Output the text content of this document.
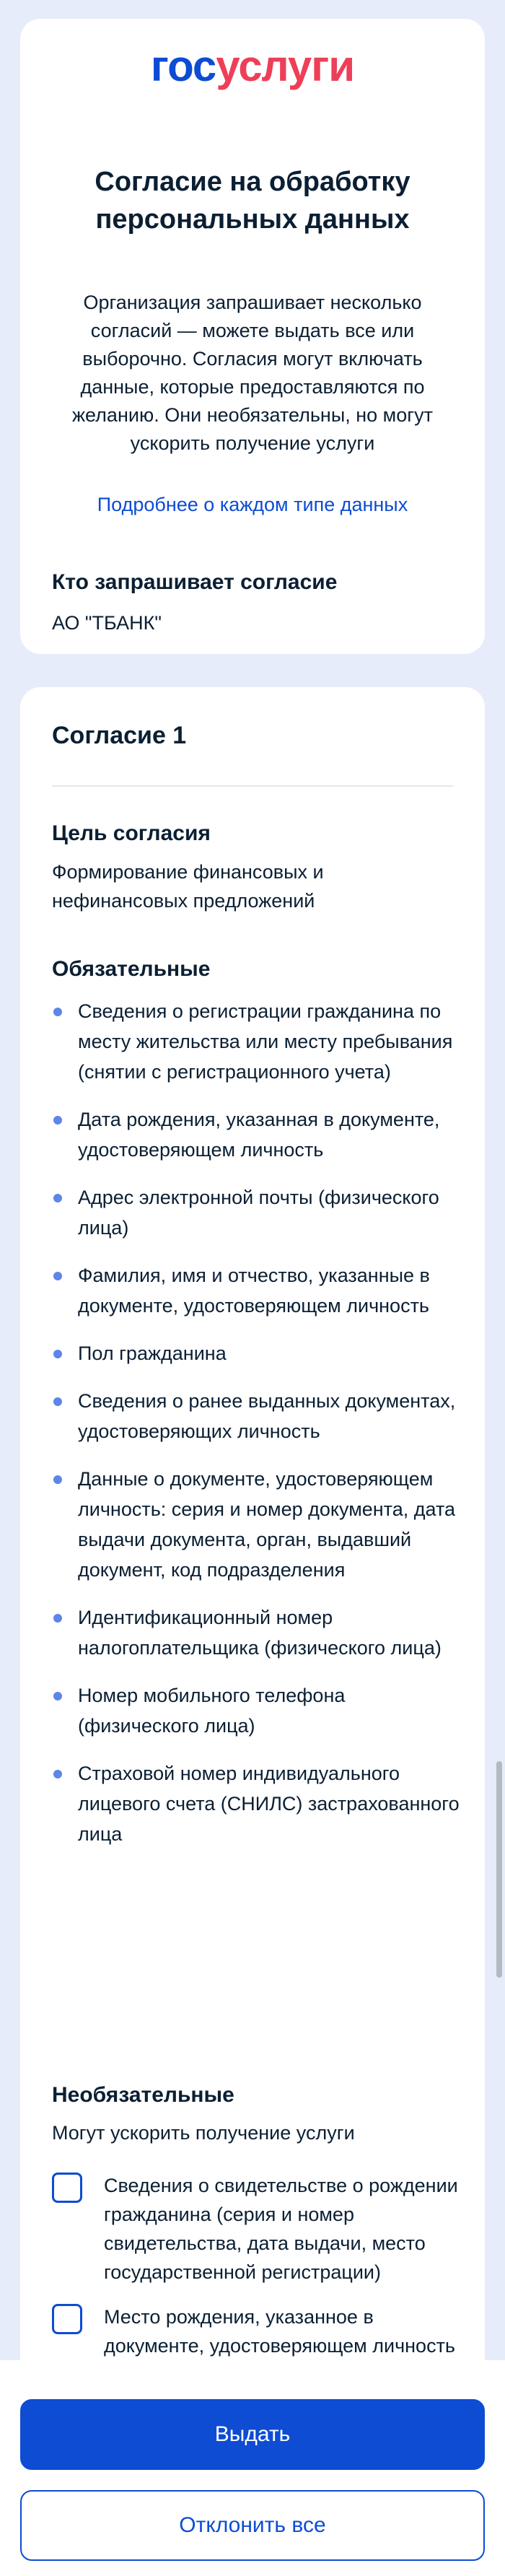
госуслуги
Согласие на обработку персональных данных
Организация запрашивает несколько согласий — можете выдать все или выборочно. Согласия могут включать данные, которые предоставляются по желанию. Они необязательны, но могут ускорить получение услуги
Подробнее о каждом типе данных
Кто запрашивает согласие
АО "ТБАНК"
Согласие 1
Цель согласия
Формирование финансовых и нефинансовых предложений
Обязательные
Сведения о регистрации гражданина по месту жительства или месту пребывания (снятии с регистрационного учета)
Дата рождения, указанная в документе, удостоверяющем личность
Адрес электронной почты (физического лица)
Фамилия, имя и отчество, указанные в документе, удостоверяющем личность
Пол гражданина
Сведения о ранее выданных документах, удостоверяющих личность
Данные о документе, удостоверяющем личность: серия и номер документа, дата выдачи документа, орган, выдавший документ, код подразделения
Идентификационный номер налогоплательщика (физического лица)
Номер мобильного телефона (физического лица)
Страховой номер индивидуального лицевого счета (СНИЛС) застрахованного лица
Необязательные
Могут ускорить получение услуги
Сведения о свидетельстве о рождении гражданина (серия и номер свидетельства, дата выдачи, место государственной регистрации)
Место рождения, указанное в документе, удостоверяющем личность
Выдать
Отклонить все
